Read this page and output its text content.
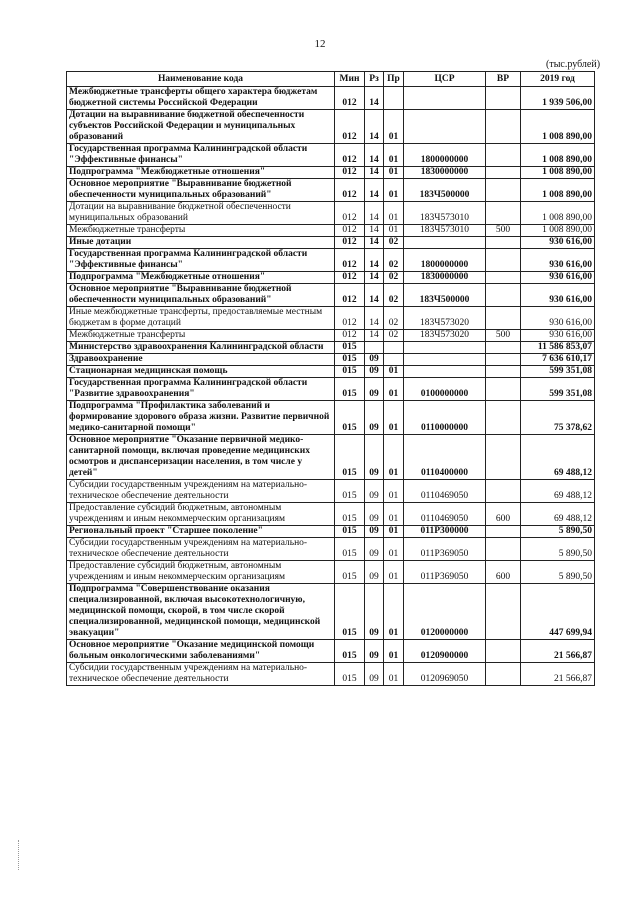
12
(тыс.рублей)
Наименование кода	Мин	Рз	Пр	ЦСР	ВР	2019 год
Межбюджетные трансферты общего характера бюджетам бюджетной системы Российской Федерации	012	14				1 939 506,00
Дотации на выравнивание бюджетной обеспеченности субъектов Российской Федерации и муниципальных образований	012	14	01			1 008 890,00
Государственная программа Калининградской области "Эффективные финансы"	012	14	01	1800000000		1 008 890,00
Подпрограмма "Межбюджетные отношения"	012	14	01	1830000000		1 008 890,00
Основное мероприятие "Выравнивание бюджетной обеспеченности муниципальных образований"	012	14	01	183Ч500000		1 008 890,00
Дотации на выравнивание бюджетной обеспеченности муниципальных образований	012	14	01	183Ч573010		1 008 890,00
Межбюджетные трансферты	012	14	01	183Ч573010	500	1 008 890,00
Иные дотации	012	14	02			930 616,00
Государственная программа Калининградской области "Эффективные финансы"	012	14	02	1800000000		930 616,00
Подпрограмма "Межбюджетные отношения"	012	14	02	1830000000		930 616,00
Основное мероприятие "Выравнивание бюджетной обеспеченности муниципальных образований"	012	14	02	183Ч500000		930 616,00
Иные межбюджетные трансферты, предоставляемые местным бюджетам в форме дотаций	012	14	02	183Ч573020		930 616,00
Межбюджетные трансферты	012	14	02	183Ч573020	500	930 616,00
Министерство здравоохранения Калининградской области	015					11 586 853,07
Здравоохранение	015	09				7 636 610,17
Стационарная медицинская помощь	015	09	01			599 351,08
Государственная программа Калининградской области "Развитие здравоохранения"	015	09	01	0100000000		599 351,08
Подпрограмма "Профилактика заболеваний и формирование здорового образа жизни. Развитие первичной медико-санитарной помощи"	015	09	01	0110000000		75 378,62
Основное мероприятие "Оказание первичной медико-санитарной помощи, включая проведение медицинских осмотров и диспансеризации населения, в том числе у детей"	015	09	01	0110400000		69 488,12
Субсидии государственным учреждениям на материально-техническое обеспечение деятельности	015	09	01	0110469050		69 488,12
Предоставление субсидий бюджетным, автономным учреждениям и иным некоммерческим организациям	015	09	01	0110469050	600	69 488,12
Региональный проект "Старшее поколение"	015	09	01	011P300000		5 890,50
Субсидии государственным учреждениям на материально-техническое обеспечение деятельности	015	09	01	011P369050		5 890,50
Предоставление субсидий бюджетным, автономным учреждениям и иным некоммерческим организациям	015	09	01	011P369050	600	5 890,50
Подпрограмма "Совершенствование оказания специализированной, включая высокотехнологичную, медицинской помощи, скорой, в том числе скорой специализированной, медицинской помощи, медицинской эвакуации"	015	09	01	0120000000		447 699,94
Основное мероприятие "Оказание медицинской помощи больным онкологическими заболеваниями"	015	09	01	0120900000		21 566,87
Субсидии государственным учреждениям на материально-техническое обеспечение деятельности	015	09	01	0120969050		21 566,87
